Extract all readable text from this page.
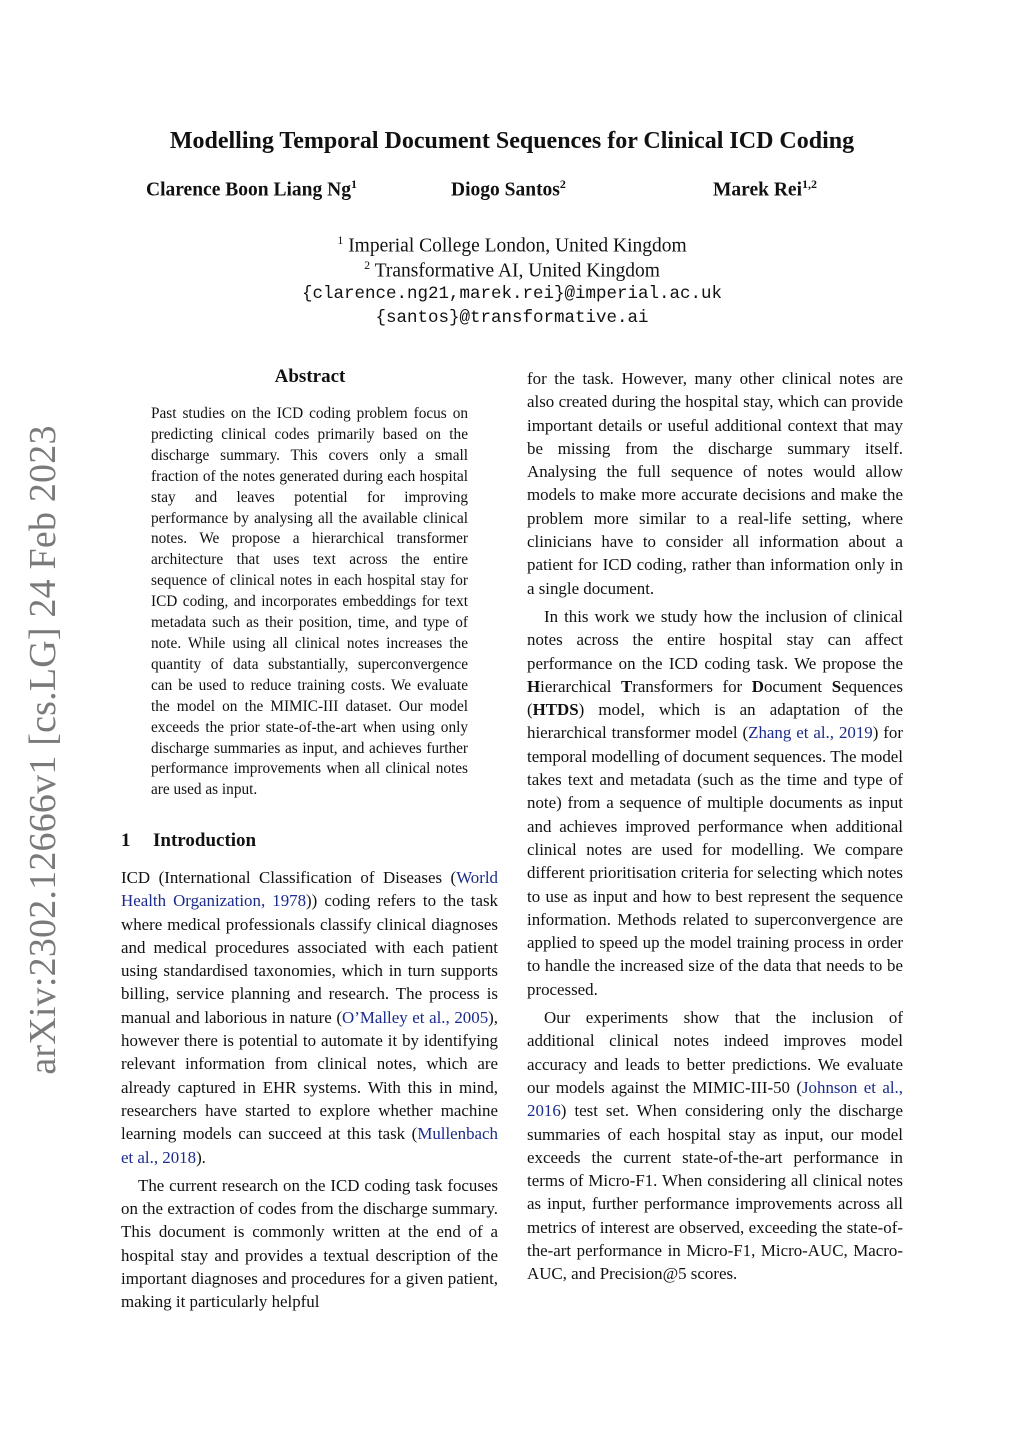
arXiv:2302.12666v1 [cs.LG] 24 Feb 2023
Modelling Temporal Document Sequences for Clinical ICD Coding
Clarence Boon Liang Ng$^1$	Diogo Santos$^2$	Marek Rei$^{1,2}$
$^1$ Imperial College London, United Kingdom
$^2$ Transformative AI, United Kingdom
{clarence.ng21,marek.rei}@imperial.ac.uk
{santos}@transformative.ai
Abstract
Past studies on the ICD coding problem focus on predicting clinical codes primarily based on the discharge summary. This covers only a small fraction of the notes generated during each hospital stay and leaves potential for improving performance by analysing all the available clinical notes. We propose a hierarchical transformer architecture that uses text across the entire sequence of clinical notes in each hospital stay for ICD coding, and incorporates embeddings for text metadata such as their position, time, and type of note. While using all clinical notes increases the quantity of data substantially, superconvergence can be used to reduce training costs. We evaluate the model on the MIMIC-III dataset. Our model exceeds the prior state-of-the-art when using only discharge summaries as input, and achieves further performance improvements when all clinical notes are used as input.
1 Introduction

ICD (International Classification of Diseases (World Health Organization, 1978)) coding refers to the task where medical professionals classify clinical diagnoses and medical procedures associated with each patient using standardised taxonomies, which in turn supports billing, service planning and research. The process is manual and laborious in nature (O’Malley et al., 2005), however there is potential to automate it by identifying relevant information from clinical notes, which are already captured in EHR systems. With this in mind, researchers have started to explore whether machine learning models can succeed at this task (Mullenbach et al., 2018).

The current research on the ICD coding task focuses on the extraction of codes from the discharge summary. This document is commonly written at the end of a hospital stay and provides a textual description of the important diagnoses and procedures for a given patient, making it particularly helpful

for the task. However, many other clinical notes are also created during the hospital stay, which can provide important details or useful additional context that may be missing from the discharge summary itself. Analysing the full sequence of notes would allow models to make more accurate decisions and make the problem more similar to a real-life setting, where clinicians have to consider all information about a patient for ICD coding, rather than information only in a single document.

In this work we study how the inclusion of clinical notes across the entire hospital stay can affect performance on the ICD coding task. We propose the Hierarchical Transformers for Document Sequences (HTDS) model, which is an adaptation of the hierarchical transformer model (Zhang et al., 2019) for temporal modelling of document sequences. The model takes text and metadata (such as the time and type of note) from a sequence of multiple documents as input and achieves improved performance when additional clinical notes are used for modelling. We compare different prioritisation criteria for selecting which notes to use as input and how to best represent the sequence information. Methods related to superconvergence are applied to speed up the model training process in order to handle the increased size of the data that needs to be processed.

Our experiments show that the inclusion of additional clinical notes indeed improves model accuracy and leads to better predictions. We evaluate our models against the MIMIC-III-50 (Johnson et al., 2016) test set. When considering only the discharge summaries of each hospital stay as input, our model exceeds the current state-of-the-art performance in terms of Micro-F1. When considering all clinical notes as input, further performance improvements across all metrics of interest are observed, exceeding the state-of-the-art performance in Micro-F1, Micro-AUC, Macro-AUC, and Precision@5 scores.
